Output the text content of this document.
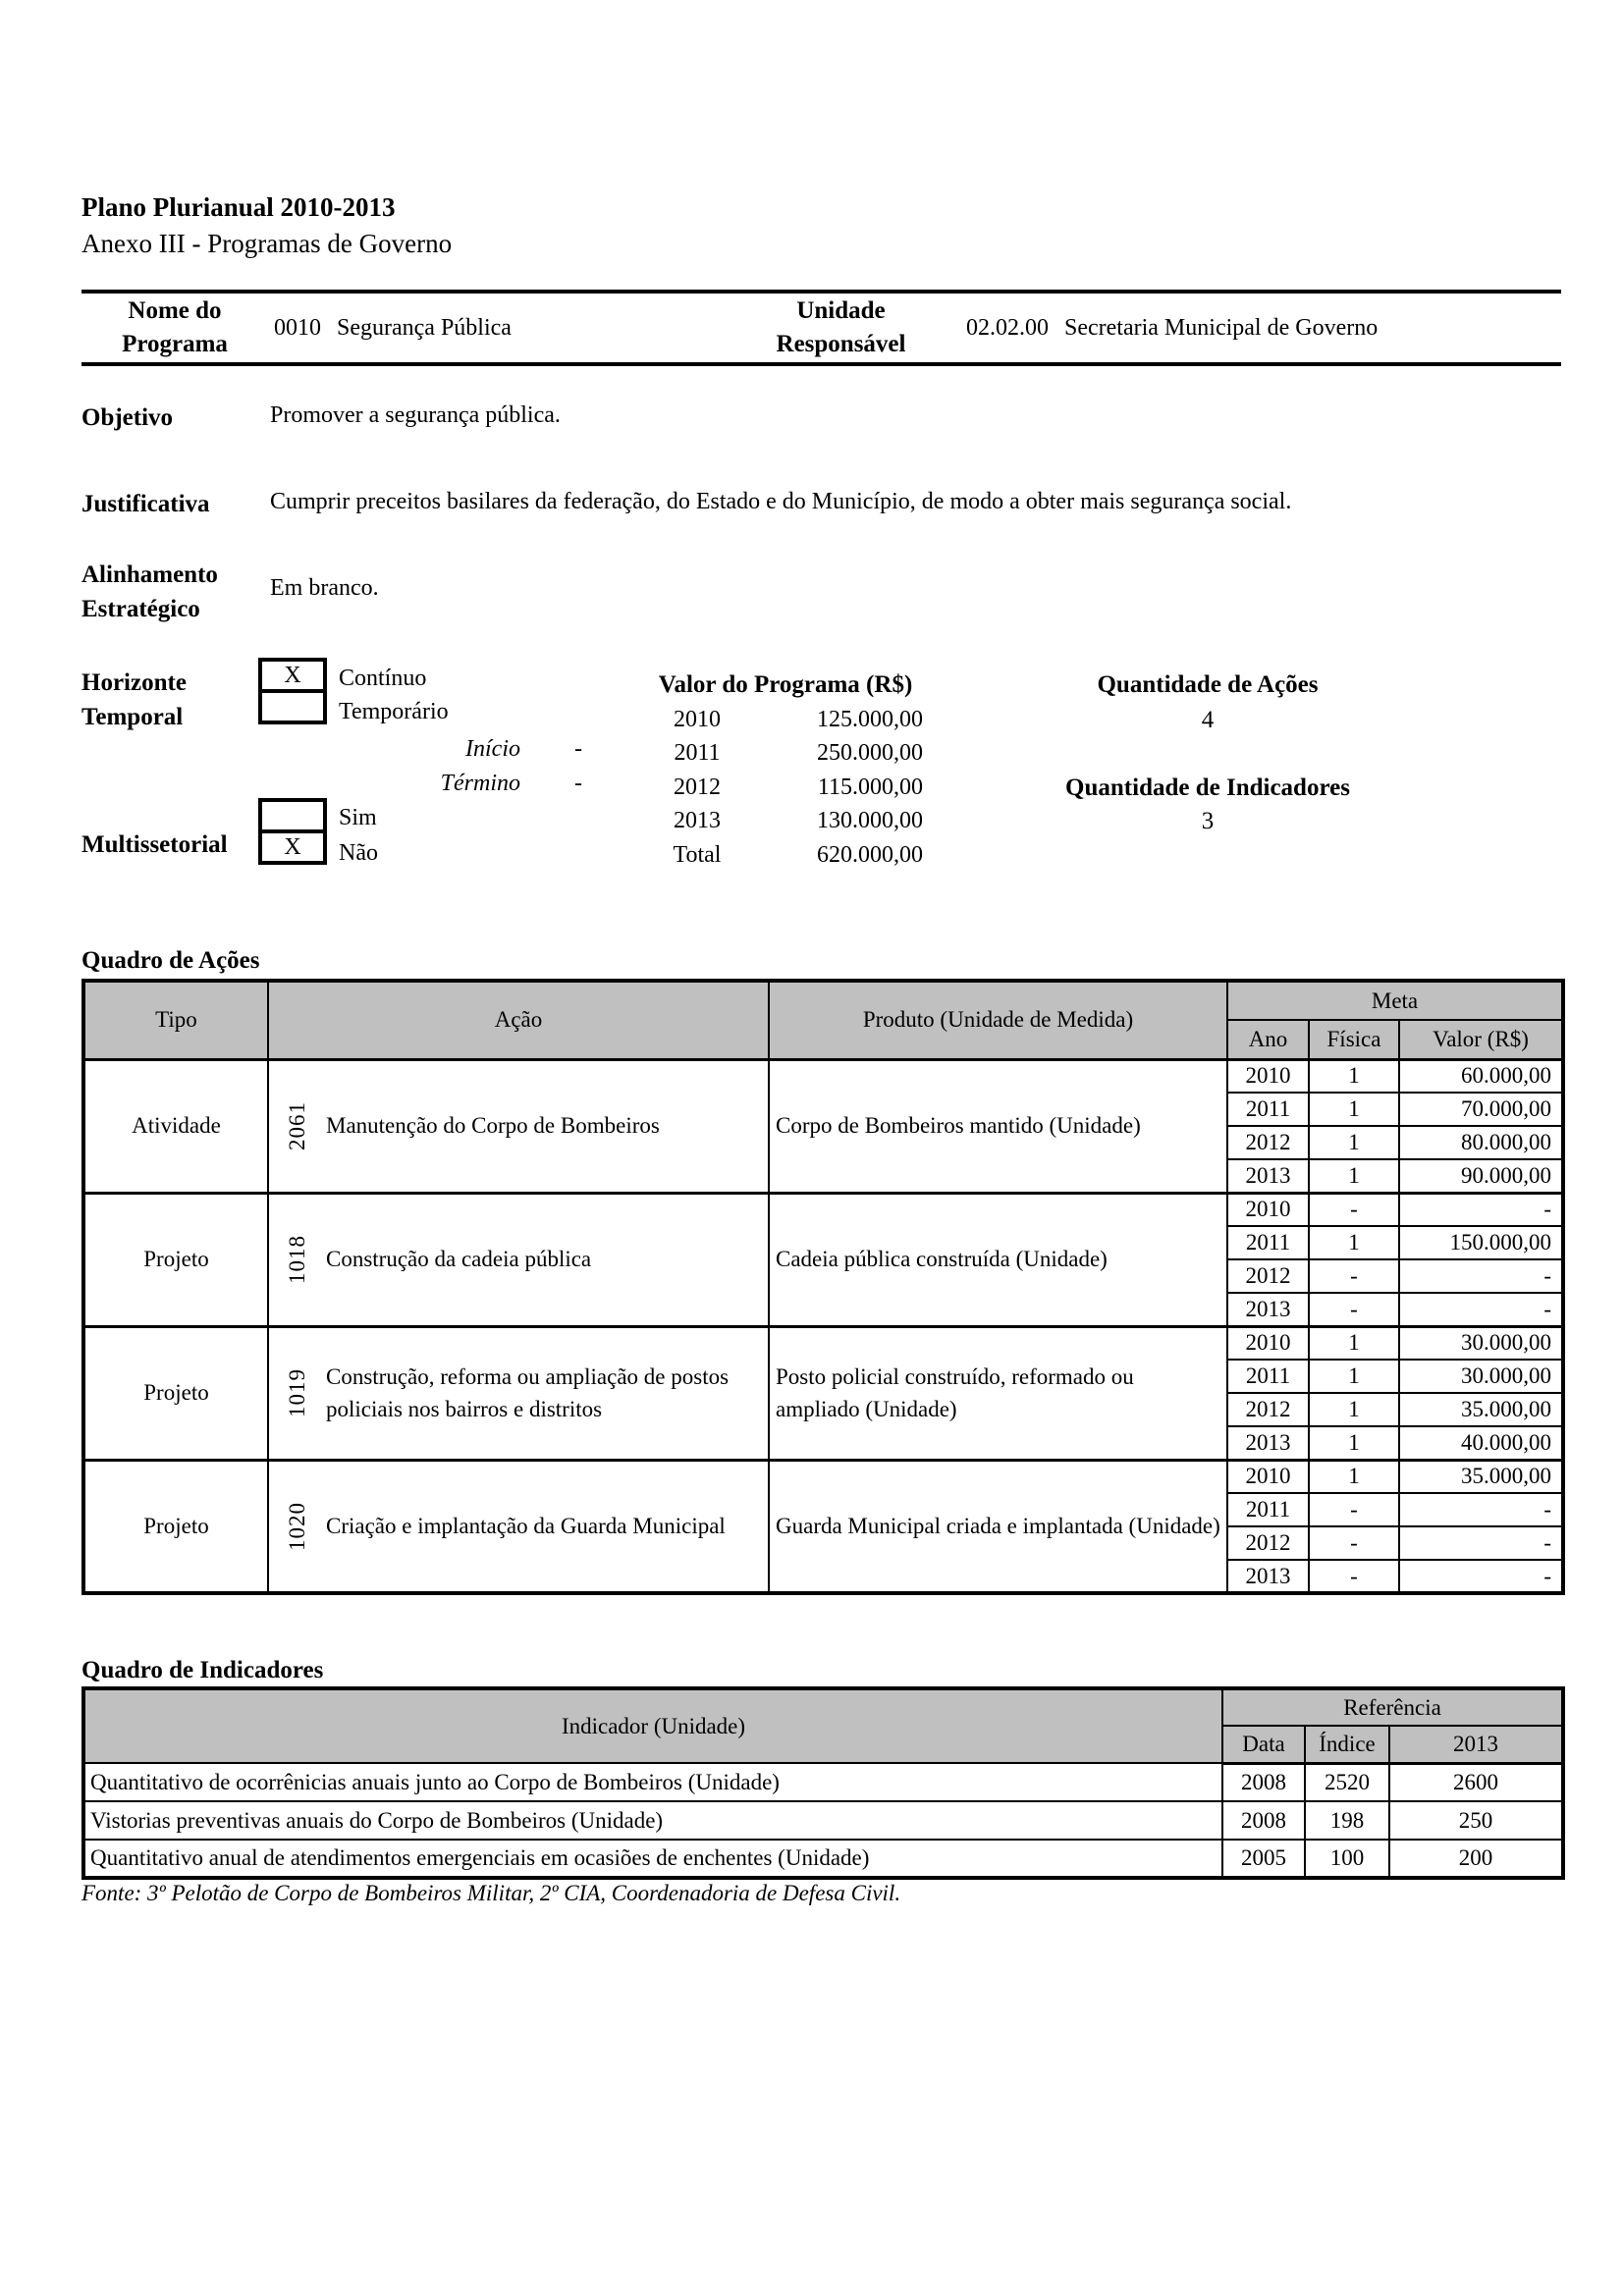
Plano Plurianual 2010-2013
Anexo III - Programas de Governo
Nome do Programa
0010 Segurança Pública
Unidade Responsável
02.02.00 Secretaria Municipal de Governo
Objetivo	Promover a segurança pública.
Justificativa	Cumprir preceitos basilares da federação, do Estado e do Município, de modo a obter mais segurança social.
Alinhamento
Estratégico
Em branco.
Horizonte
Temporal
X	Contínuo
Temporário
Início -
Término -
Multissetorial	X
Sim
Não
Valor do Programa (R$)
2010	125.000,00
2011	250.000,00
2012	115.000,00
2013	130.000,00
Total	620.000,00
Quantidade de Ações
4
Quantidade de Indicadores
3
Quadro de Ações
Tipo	Ação	Produto (Unidade de Medida)	Meta		
			Ano	Física	Valor (R$)
Atividade	2061 Manutenção do Corpo de Bombeiros	Corpo de Bombeiros mantido (Unidade)	2010	1	60.000,00
			2011	1	70.000,00
			2012	1	80.000,00
			2013	1	90.000,00
Projeto	1018 Construção da cadeia pública	Cadeia pública construída (Unidade)	2010	-	-
			2011	1	150.000,00
			2012	-	-
			2013	-	-
Projeto	1019 Construção, reforma ou ampliação de postos policiais nos bairros e distritos	Posto policial construído, reformado ou ampliado (Unidade)	2010	1	30.000,00
			2011	1	30.000,00
			2012	1	35.000,00
			2013	1	40.000,00
Projeto	1020 Criação e implantação da Guarda Municipal	Guarda Municipal criada e implantada (Unidade)	2010	1	35.000,00
			2011	-	-
			2012	-	-
			2013	-	-
Quadro de Indicadores
Indicador (Unidade)	Referência		
	Data	Índice	2013
Quantitativo de ocorrênicias anuais junto ao Corpo de Bombeiros (Unidade)	2008	2520	2600
Vistorias preventivas anuais do Corpo de Bombeiros (Unidade)	2008	198	250
Quantitativo anual de atendimentos emergenciais em ocasiões de enchentes (Unidade)	2005	100	200
Fonte: 3º Pelotão de Corpo de Bombeiros Militar, 2º CIA, Coordenadoria de Defesa Civil.
